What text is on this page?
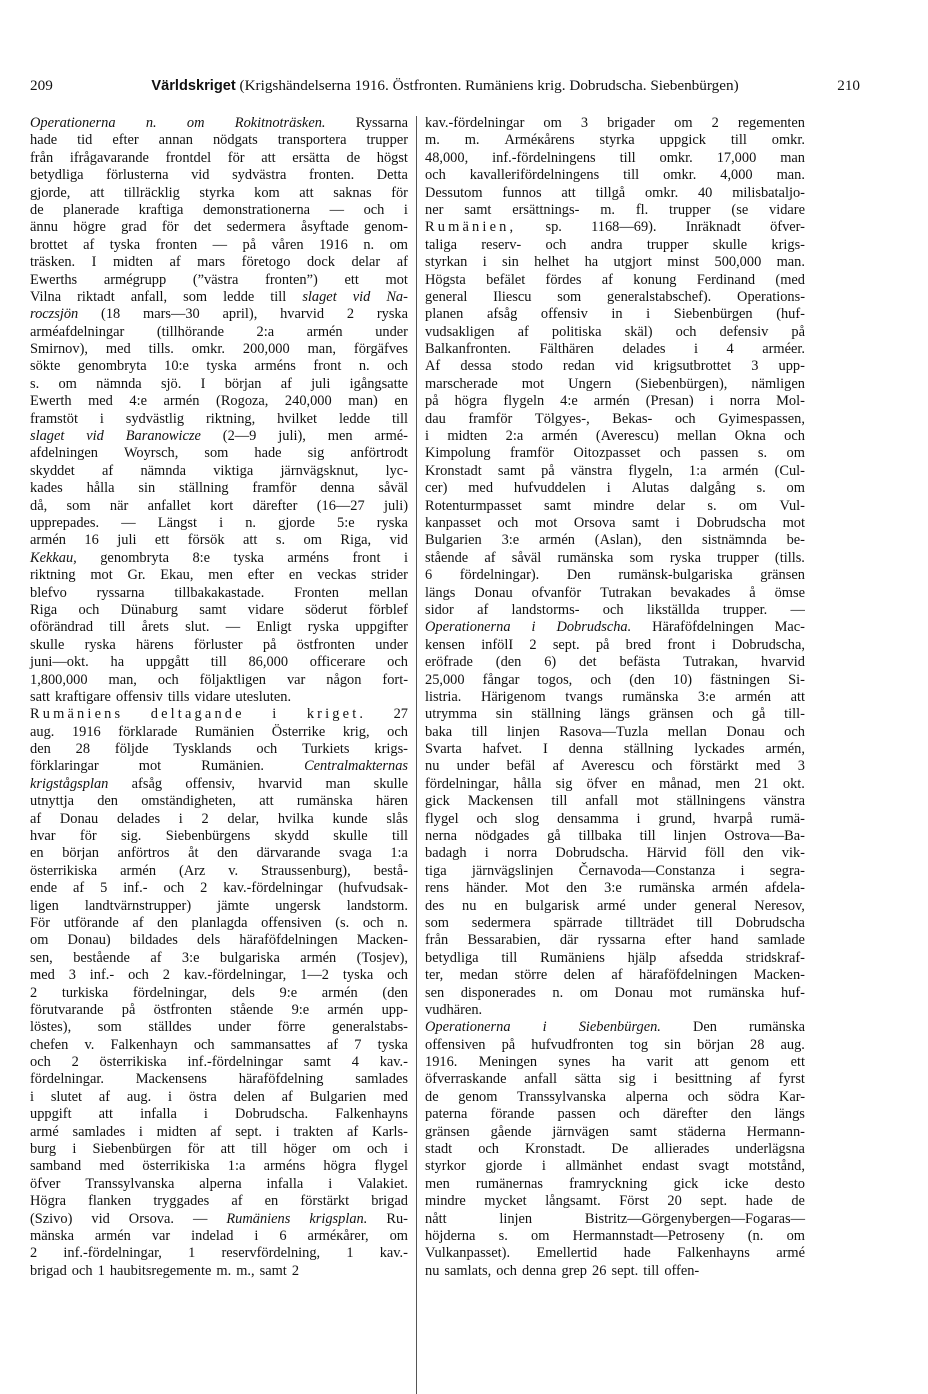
209	Världskriget (Krigshändelserna 1916. Östfronten. Rumäniens krig. Dobrudscha. Siebenbürgen)	210
Operationerna n. om Rokitnoträsken. Ryssarna
hade tid efter annan nödgats transportera trupper
från ifrågavarande frontdel för att ersätta de högst
betydliga förlusterna vid sydvästra fronten. Detta
gjorde, att tillräcklig styrka kom att saknas för
de planerade kraftiga demonstrationerna — och i
ännu högre grad för det sedermera åsyftade genom-
brottet af tyska fronten — på våren 1916 n. om
träsken. I midten af mars företogo dock delar af
Ewerths armégrupp (”västra fronten”) ett mot
Vilna riktadt anfall, som ledde till slaget vid Na-
roczsjön (18 mars—30 april), hvarvid 2 ryska
arméafdelningar (tillhörande 2:a armén under
Smirnov), med tills. omkr. 200,000 man, förgäfves
sökte genombryta 10:e tyska arméns front n. och
s. om nämnda sjö. I början af juli igångsatte
Ewerth med 4:e armén (Rogoza, 240,000 man) en
framstöt i sydvästlig riktning, hvilket ledde till
slaget vid Baranowicze (2—9 juli), men armé-
afdelningen Woyrsch, som hade sig anförtrodt
skyddet af nämnda viktiga järnvägsknut, lyc-
kades hålla sin ställning framför denna såväl
då, som när anfallet kort därefter (16—27 juli)
upprepades. — Längst i n. gjorde 5:e ryska
armén 16 juli ett försök att s. om Riga, vid
Kekkau, genombryta 8:e tyska arméns front i
riktning mot Gr. Ekau, men efter en veckas strider
blefvo ryssarna tillbakakastade. Fronten mellan
Riga och Dünaburg samt vidare söderut förblef
oförändrad till årets slut. — Enligt ryska uppgifter
skulle ryska härens förluster på östfronten under
juni—okt. ha uppgått till 86,000 officerare och
1,800,000 man, och följaktligen var någon fort-
satt kraftigare offensiv tills vidare utesluten.
Rumäniens deltagande i kriget. 27
aug. 1916 förklarade Rumänien Österrike krig, och
den 28 följde Tysklands och Turkiets krigs-
förklaringar	mot	Rumänien.	Centralmakternas
krigstågsplan afsåg offensiv, hvarvid man skulle
utnyttja den omständigheten, att rumänska hären
af Donau delades i 2 delar, hvilka kunde slås
hvar för sig. Siebenbürgens skydd skulle till
en början anförtros åt den därvarande svaga 1:a
österrikiska armén (Arz v. Straussenburg), bestå-
ende af 5 inf.- och 2 kav.-fördelningar (hufvudsak-
ligen landtvärnstrupper) jämte ungersk landstorm.
För utförande af den planlagda offensiven (s. och n.
om Donau) bildades dels häraföfdelningen Macken-
sen, bestående af 3:e bulgariska armén (Tosjev),
med 3 inf.- och 2 kav.-fördelningar, 1—2 tyska och
2 turkiska fördelningar, dels 9:e armén (den
förutvarande på östfronten stående 9:e armén upp-
löstes), som ställdes under förre generalstabs-
chefen v. Falkenhayn och sammansattes af 7 tyska
och 2 österrikiska inf.-fördelningar samt 4 kav.-
fördelningar. Mackensens häraföfdelning samlades
i slutet af aug. i östra delen af Bulgarien med
uppgift att infalla i Dobrudscha. Falkenhayns
armé samlades i midten af sept. i trakten af Karls-
burg i Siebenbürgen för att till höger om och i
samband med österrikiska 1:a arméns högra flygel
öfver Transsylvanska alperna infalla i Valakiet.
Högra flanken tryggades af en förstärkt brigad
(Szivo) vid Orsova. — Rumäniens krigsplan. Ru-
mänska armén var indelad i 6 arméкårer, om
2 inf.-fördelningar, 1 reservfördelning, 1 kav.-
brigad och 1 haubitsregemente m. m., samt 2
kav.-fördelningar om 3 brigader om 2 regementen
m. m. Arméкårens styrka uppgick till omkr.
48,000, inf.-fördelningens till omkr. 17,000 man
och kavallerifördelningens till omkr. 4,000 man.
Dessutom funnos att tillgå omkr. 40 milisbataljo-
ner samt ersättnings- m. fl. trupper (se vidare
Rumänien, sp. 1168—69). Inräknadt öfver-
taliga reserv- och andra trupper skulle krigs-
styrkan i sin helhet ha utgjort minst 500,000 man.
Högsta befälet fördes af konung Ferdinand (med
general Iliescu som generalstabschef). Operations-
planen afsåg offensiv in i Siebenbürgen (huf-
vudsakligen af politiska skäl) och defensiv på
Balkanfronten. Fälthären delades i 4 arméer.
Af dessa stodo redan vid krigsutbrottet 3 upp-
marscherade mot Ungern (Siebenbürgen), nämligen
på högra flygeln 4:e armén (Presan) i norra Mol-
dau framför Tölgyes-, Bekas- och Gyimespassen,
i midten 2:a armén (Averescu) mellan Okna och
Kimpolung framför Oitozpasset och passen s. om
Kronstadt samt på vänstra flygeln, 1:a armén (Cul-
cer) med hufvuddelen i Alutas dalgång s. om
Rotenturmpasset samt mindre delar s. om Vul-
kanpasset och mot Orsova samt i Dobrudscha mot
Bulgarien 3:e armén (Aslan), den sistnämnda be-
stående af såväl rumänska som ryska trupper (tills.
6 fördelningar). Den rumänsk-bulgariska gränsen
längs Donau ofvanför Tutrakan bevakades å ömse
sidor af landstorms- och likställda trupper. —
Operationerna i Dobrudscha. Häraföfdelningen Mac-
kensen infölI 2 sept. på bred front i Dobrudscha,
eröfrade (den 6) det befästa Tutrakan, hvarvid
25,000 fångar togos, och (den 10) fästningen Si-
listria. Härigenom tvangs rumänska 3:e armén att
utrymma sin ställning längs gränsen och gå till-
baka till linjen Rasova—Tuzla mellan Donau och
Svarta hafvet. I denna ställning lyckades armén,
nu under befäl af Averescu och förstärkt med 3
fördelningar, hålla sig öfver en månad, men 21 okt.
gick Mackensen till anfall mot ställningens vänstra
flygel och slog densamma i grund, hvarpå rumä-
nerna nödgades gå tillbaka till linjen Ostrova—Ba-
badagh i norra Dobrudscha. Härvid föll den vik-
tiga järnvägslinjen Černavoda—Constanza i segra-
rens händer. Mot den 3:e rumänska armén afdela-
des nu en bulgarisk armé under general Neresov,
som sedermera spärrade tillträdet till Dobrudscha
från Bessarabien, där ryssarna efter hand samlade
betydliga till Rumäniens hjälp afsedda stridskraf-
ter, medan större delen af häraföfdelningen Macken-
sen disponerades n. om Donau mot rumänska huf-
vudhären.
Operationerna i Siebenbürgen. Den rumänska
offensiven på hufvudfronten tog sin början 28 aug.
1916. Meningen synes ha varit att genom ett
öfverraskande anfall sätta sig i besittning af fyrst
de genom Transsylvanska alperna och södra Kar-
paterna förande passen och därefter den längs
gränsen gående järnvägen samt städerna Hermann-
stadt och Kronstadt. De allierades underlägsna
styrkor gjorde i allmänhet endast svagt motstånd,
men rumänernas framryckning gick icke desto
mindre mycket långsamt. Först 20 sept. hade de
nått	linjen	Bistritz—Görgenybergen—Fogaras—
höjderna s. om Hermannstadt—Petroseny (n. om
Vulkanpasset). Emellertid hade Falkenhayns armé
nu samlats, och denna grep 26 sept. till offen-
